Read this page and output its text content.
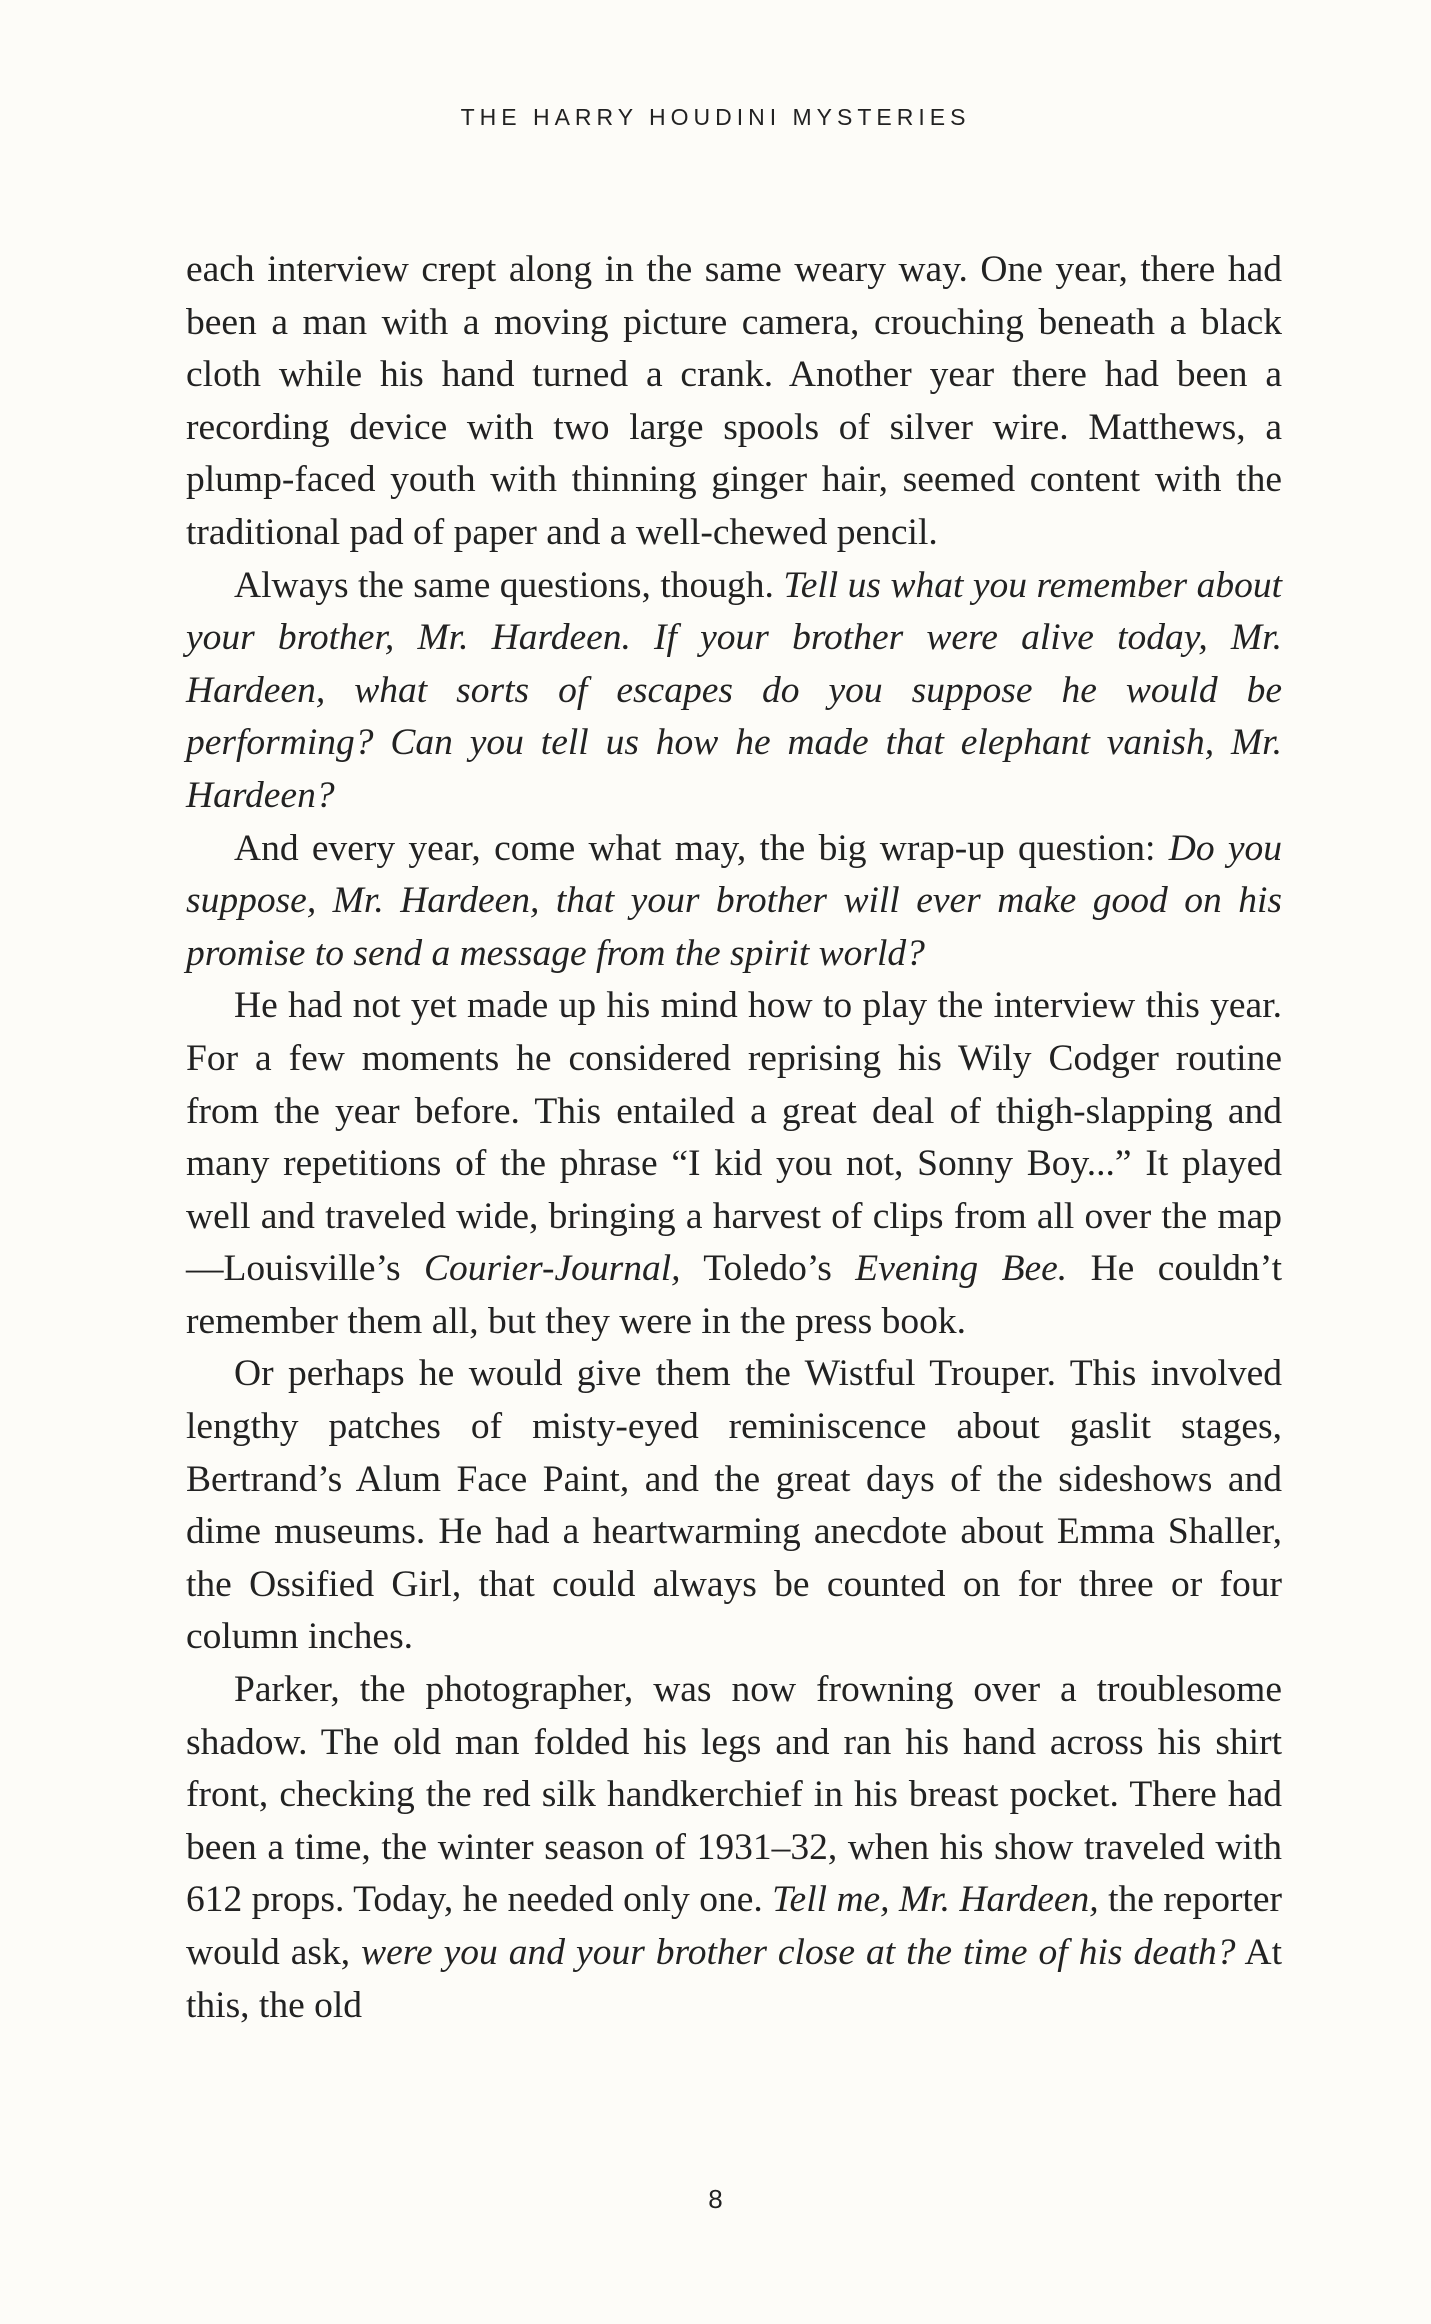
THE HARRY HOUDINI MYSTERIES

each interview crept along in the same weary way. One year, there had been a man with a moving picture camera, crouching beneath a black cloth while his hand turned a crank. Another year there had been a recording device with two large spools of silver wire. Matthews, a plump-faced youth with thinning ginger hair, seemed content with the traditional pad of paper and a well-chewed pencil.

Always the same questions, though. Tell us what you remember about your brother, Mr. Hardeen. If your brother were alive today, Mr. Hardeen, what sorts of escapes do you suppose he would be performing? Can you tell us how he made that elephant vanish, Mr. Hardeen?

And every year, come what may, the big wrap-up question: Do you suppose, Mr. Hardeen, that your brother will ever make good on his promise to send a message from the spirit world?

He had not yet made up his mind how to play the interview this year. For a few moments he considered reprising his Wily Codger routine from the year before. This entailed a great deal of thigh-slapping and many repetitions of the phrase “I kid you not, Sonny Boy...” It played well and traveled wide, bringing a harvest of clips from all over the map—Louisville’s Courier-Journal, Toledo’s Evening Bee. He couldn’t remember them all, but they were in the press book.

Or perhaps he would give them the Wistful Trouper. This involved lengthy patches of misty-eyed reminiscence about gaslit stages, Bertrand’s Alum Face Paint, and the great days of the sideshows and dime museums. He had a heartwarming anecdote about Emma Shaller, the Ossified Girl, that could always be counted on for three or four column inches.

Parker, the photographer, was now frowning over a troublesome shadow. The old man folded his legs and ran his hand across his shirt front, checking the red silk handkerchief in his breast pocket. There had been a time, the winter season of 1931–32, when his show traveled with 612 props. Today, he needed only one. Tell me, Mr. Hardeen, the reporter would ask, were you and your brother close at the time of his death? At this, the old

8
